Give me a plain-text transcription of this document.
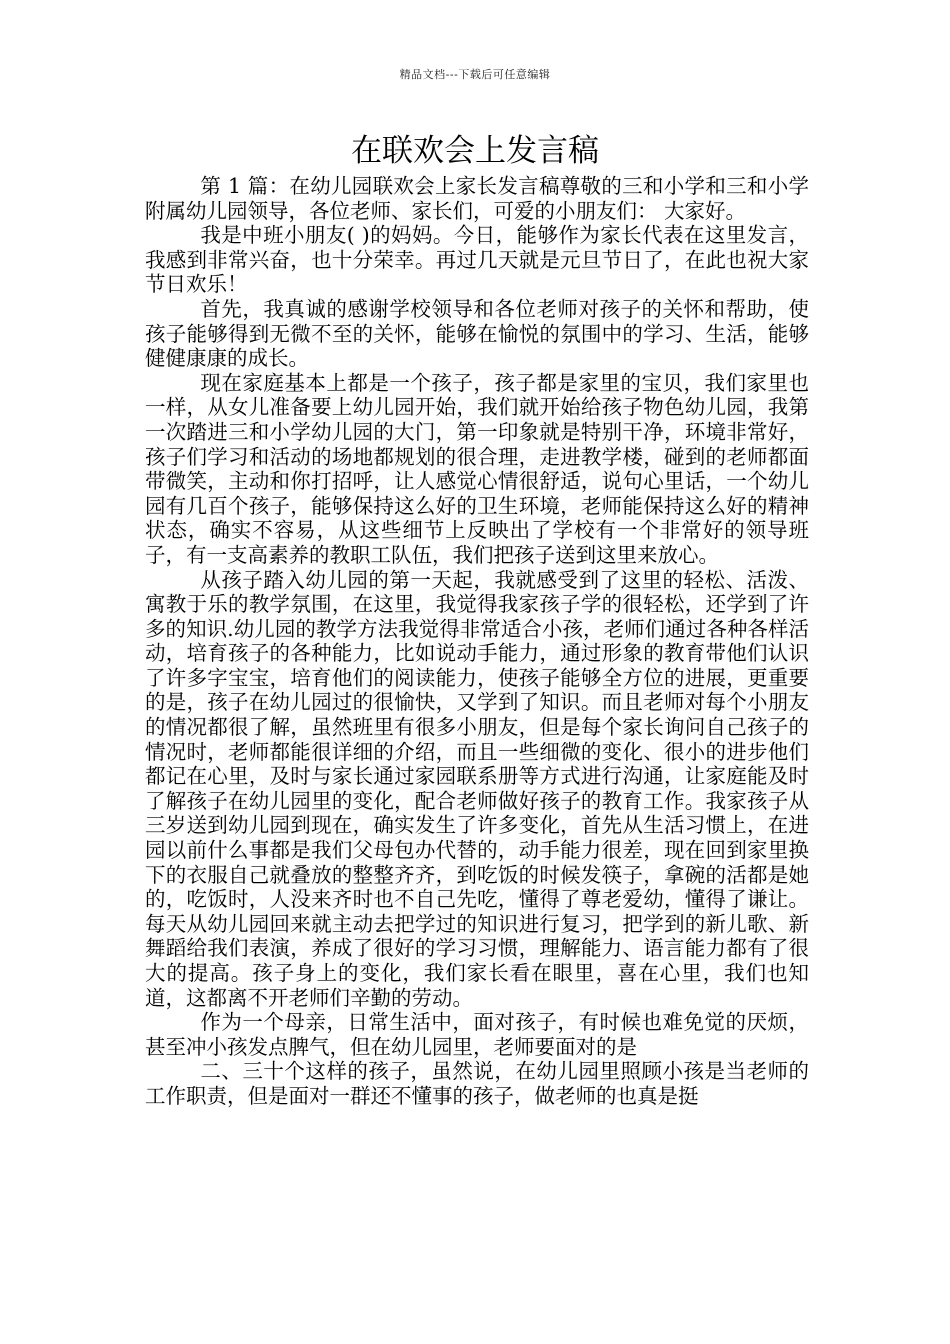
精品文档---下载后可任意编辑
在联欢会上发言稿

第 1 篇：在幼儿园联欢会上家长发言稿尊敬的三和小学和三和小学附属幼儿园领导，各位老师、家长们，可爱的小朋友们： 大家好。

我是中班小朋友( )的妈妈。今日，能够作为家长代表在这里发言，我感到非常兴奋，也十分荣幸。再过几天就是元旦节日了，在此也祝大家节日欢乐！

首先，我真诚的感谢学校领导和各位老师对孩子的关怀和帮助，使孩子能够得到无微不至的关怀，能够在愉悦的氛围中的学习、生活，能够健健康康的成长。

现在家庭基本上都是一个孩子，孩子都是家里的宝贝，我们家里也一样，从女儿准备要上幼儿园开始，我们就开始给孩子物色幼儿园，我第一次踏进三和小学幼儿园的大门，第一印象就是特别干净，环境非常好，孩子们学习和活动的场地都规划的很合理，走进教学楼，碰到的老师都面带微笑，主动和你打招呼，让人感觉心情很舒适，说句心里话，一个幼儿园有几百个孩子，能够保持这么好的卫生环境，老师能保持这么好的精神状态，确实不容易，从这些细节上反映出了学校有一个非常好的领导班子，有一支高素养的教职工队伍，我们把孩子送到这里来放心。

从孩子踏入幼儿园的第一天起，我就感受到了这里的轻松、活泼、寓教于乐的教学氛围，在这里，我觉得我家孩子学的很轻松，还学到了许多的知识.幼儿园的教学方法我觉得非常适合小孩，老师们通过各种各样活动，培育孩子的各种能力，比如说动手能力，通过形象的教育带他们认识了许多字宝宝，培育他们的阅读能力，使孩子能够全方位的进展，更重要的是，孩子在幼儿园过的很愉快，又学到了知识。而且老师对每个小朋友的情况都很了解，虽然班里有很多小朋友，但是每个家长询问自己孩子的情况时，老师都能很详细的介绍，而且一些细微的变化、很小的进步他们都记在心里，及时与家长通过家园联系册等方式进行沟通，让家庭能及时了解孩子在幼儿园里的变化，配合老师做好孩子的教育工作。我家孩子从三岁送到幼儿园到现在，确实发生了许多变化，首先从生活习惯上，在进园以前什么事都是我们父母包办代替的，动手能力很差，现在回到家里换下的衣服自己就叠放的整整齐齐，到吃饭的时候发筷子，拿碗的活都是她的，吃饭时，人没来齐时也不自己先吃，懂得了尊老爱幼，懂得了谦让。每天从幼儿园回来就主动去把学过的知识进行复习，把学到的新儿歌、新舞蹈给我们表演，养成了很好的学习习惯，理解能力、语言能力都有了很大的提高。孩子身上的变化，我们家长看在眼里，喜在心里，我们也知道，这都离不开老师们辛勤的劳动。

作为一个母亲，日常生活中，面对孩子，有时候也难免觉的厌烦，甚至冲小孩发点脾气，但在幼儿园里，老师要面对的是

二、三十个这样的孩子，虽然说，在幼儿园里照顾小孩是当老师的工作职责，但是面对一群还不懂事的孩子，做老师的也真是挺
